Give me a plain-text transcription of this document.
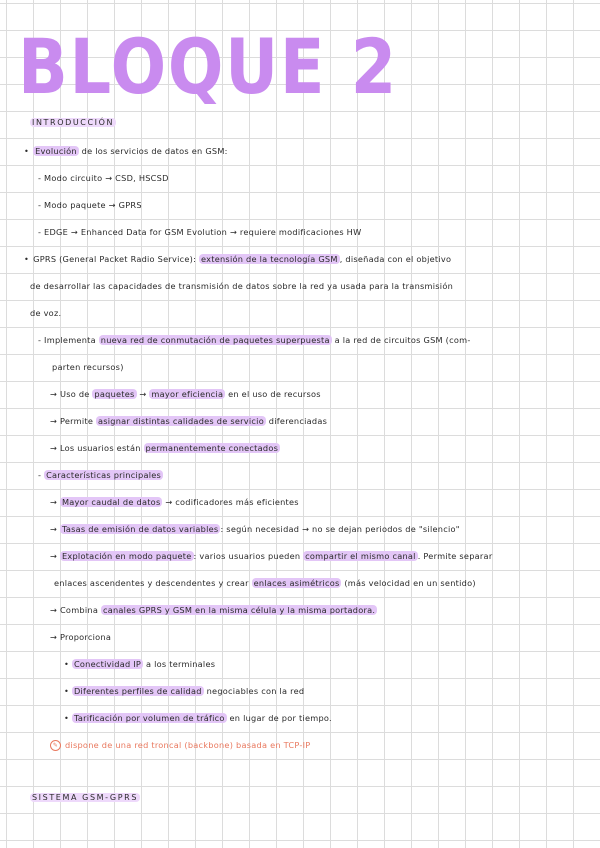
BLOQUE 2
INTRODUCCIÓN
• Evolución de los servicios de datos en GSM:
- Modo circuito → CSD, HSCSD
- Modo paquete → GPRS
- EDGE → Enhanced Data for GSM Evolution → requiere modificaciones HW
• GPRS (General Packet Radio Service): extensión de la tecnología GSM , diseñada con el objetivo
de desarrollar las capacidades de transmisión de datos sobre la red ya usada para la transmisión
de voz.
- Implementa nueva red de conmutación de paquetes superpuesta a la red de circuitos GSM (com-
parten recursos)
→ Uso de paquetes → mayor eficiencia en el uso de recursos
→ Permite asignar distintas calidades de servicio diferenciadas
→ Los usuarios están permanentemente conectados
- Características principales
→ Mayor caudal de datos → codificadores más eficientes
→ Tasas de emisión de datos variables : según necesidad → no se dejan periodos de "silencio"
→ Explotación en modo paquete : varios usuarios pueden compartir el mismo canal . Permite separar
enlaces ascendentes y descendentes y crear enlaces asimétricos (más velocidad en un sentido)
→ Combina canales GPRS y GSM en la misma célula y la misma portadora.
→ Proporciona
• Conectividad IP a los terminales
• Diferentes perfiles de calidad negociables con la red
• Tarificación por volumen de tráfico en lugar de por tiempo.
✎ dispone de una red troncal (backbone) basada en TCP-IP
SISTEMA GSM-GPRS
